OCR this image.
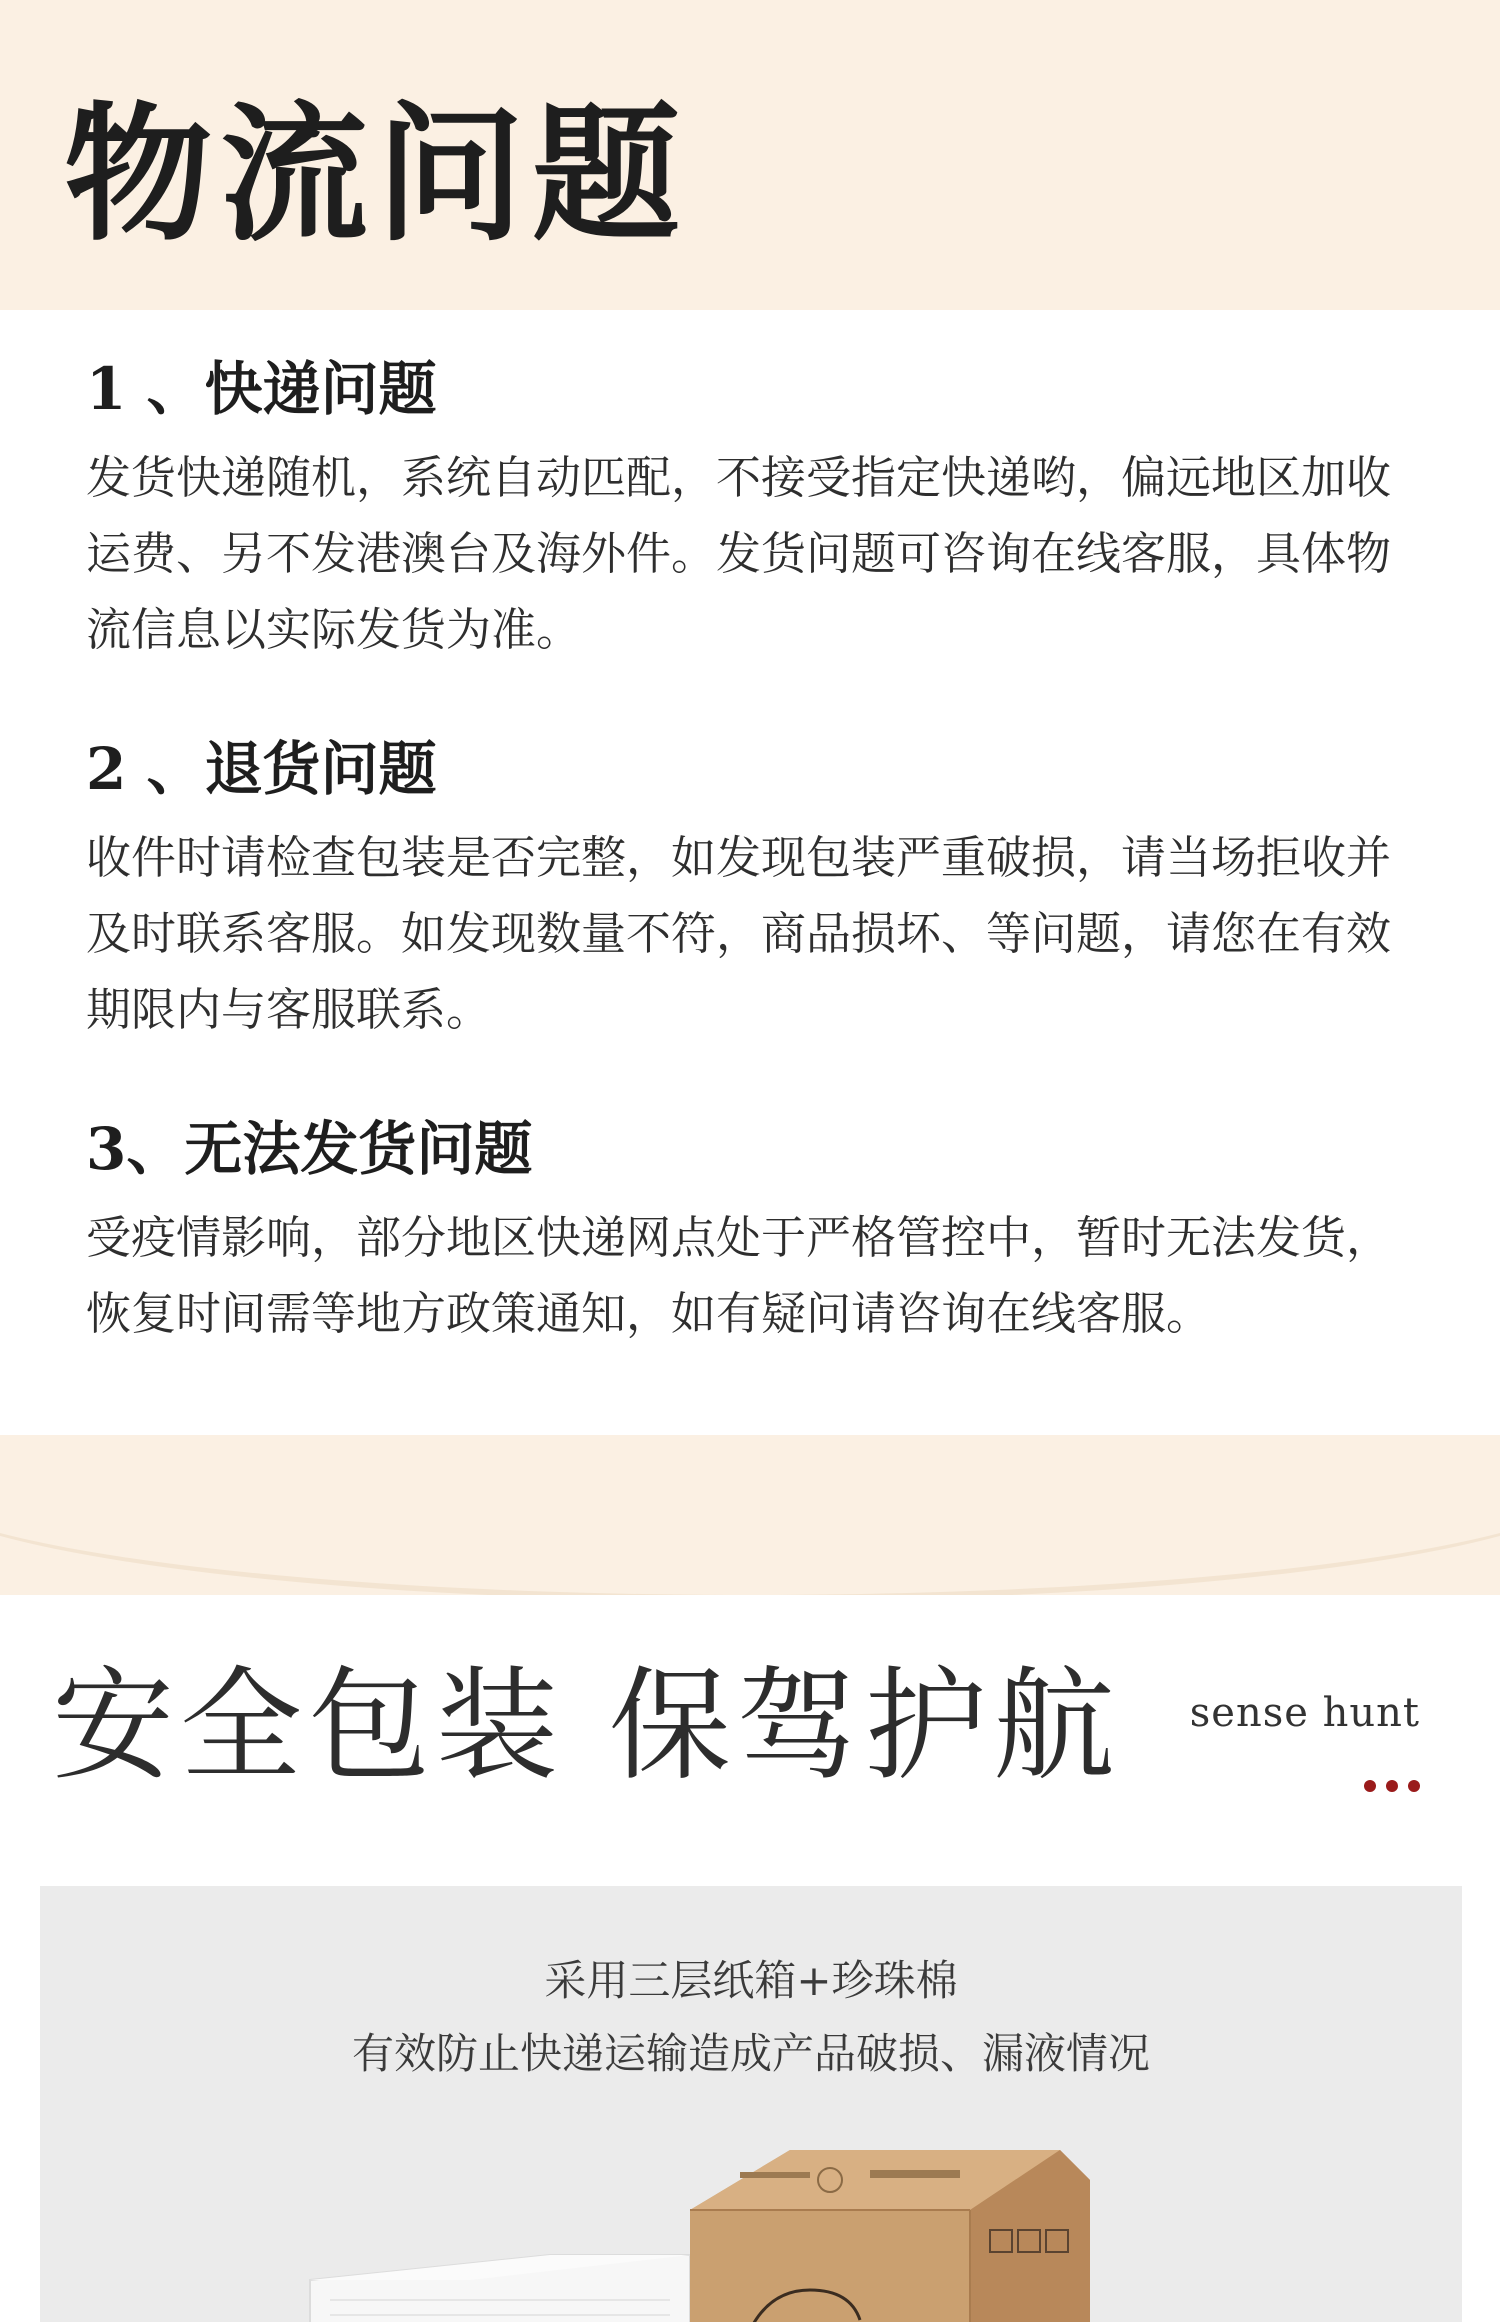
物流问题

1 、快递问题

发货快递随机，系统自动匹配，不接受指定快递哟，偏远地区加收运费、另不发港澳台及海外件。发货问题可咨询在线客服，具体物流信息以实际发货为准。

2 、退货问题

收件时请检查包装是否完整，如发现包装严重破损，请当场拒收并及时联系客服。如发现数量不符，商品损坏、等问题，请您在有效期限内与客服联系。

3、无法发货问题

受疫情影响，部分地区快递网点处于严格管控中，暂时无法发货，恢复时间需等地方政策通知，如有疑问请咨询在线客服。

安全包装 保驾护航 sense hunt
采用三层纸箱+珍珠棉
有效防止快递运输造成产品破损、漏液情况
